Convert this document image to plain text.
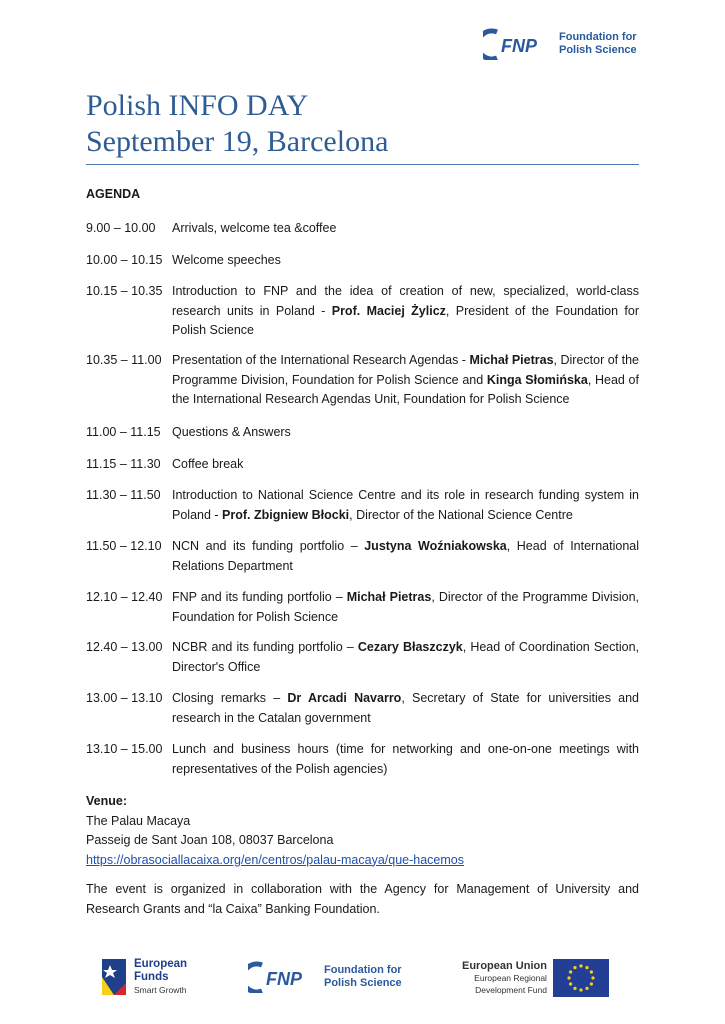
FNP Foundation for
Polish Science
Polish INFO DAY
September 19, Barcelona
AGENDA
9.00 – 10.00	Arrivals, welcome tea &coffee
10.00 – 10.15 Welcome speeches
10.15 – 10.35 Introduction to FNP and the idea of creation of new, specialized, world-class research units in Poland - Prof. Maciej Żylicz, President of the Foundation for Polish Science
10.35 – 11.00 Presentation of the International Research Agendas - Michał Pietras, Director of the Programme Division, Foundation for Polish Science and Kinga Słomińska, Head of the International Research Agendas Unit, Foundation for Polish Science
11.00 – 11.15 Questions & Answers
11.15 – 11.30 Coffee break
11.30 – 11.50 Introduction to National Science Centre and its role in research funding system in Poland - Prof. Zbigniew Błocki, Director of the National Science Centre
11.50 – 12.10 NCN and its funding portfolio – Justyna Woźniakowska, Head of International Relations Department
12.10 – 12.40 FNP and its funding portfolio – Michał Pietras, Director of the Programme Division, Foundation for Polish Science
12.40 – 13.00 NCBR and its funding portfolio – Cezary Błaszczyk, Head of Coordination Section, Director's Office
13.00 – 13.10 Closing remarks – Dr Arcadi Navarro, Secretary of State for universities and research in the Catalan government
13.10 – 15.00 Lunch and business hours (time for networking and one-on-one meetings with representatives of the Polish agencies)
Venue:
The Palau Macaya
Passeig de Sant Joan 108, 08037 Barcelona
https://obrasociallacaixa.org/en/centros/palau-macaya/que-hacemos
The event is organized in collaboration with the Agency for Management of University and Research Grants and “la Caixa” Banking Foundation.
European
Funds
Smart Growth
FNP Foundation for
Polish Science
European Union
European Regional
Development Fund
